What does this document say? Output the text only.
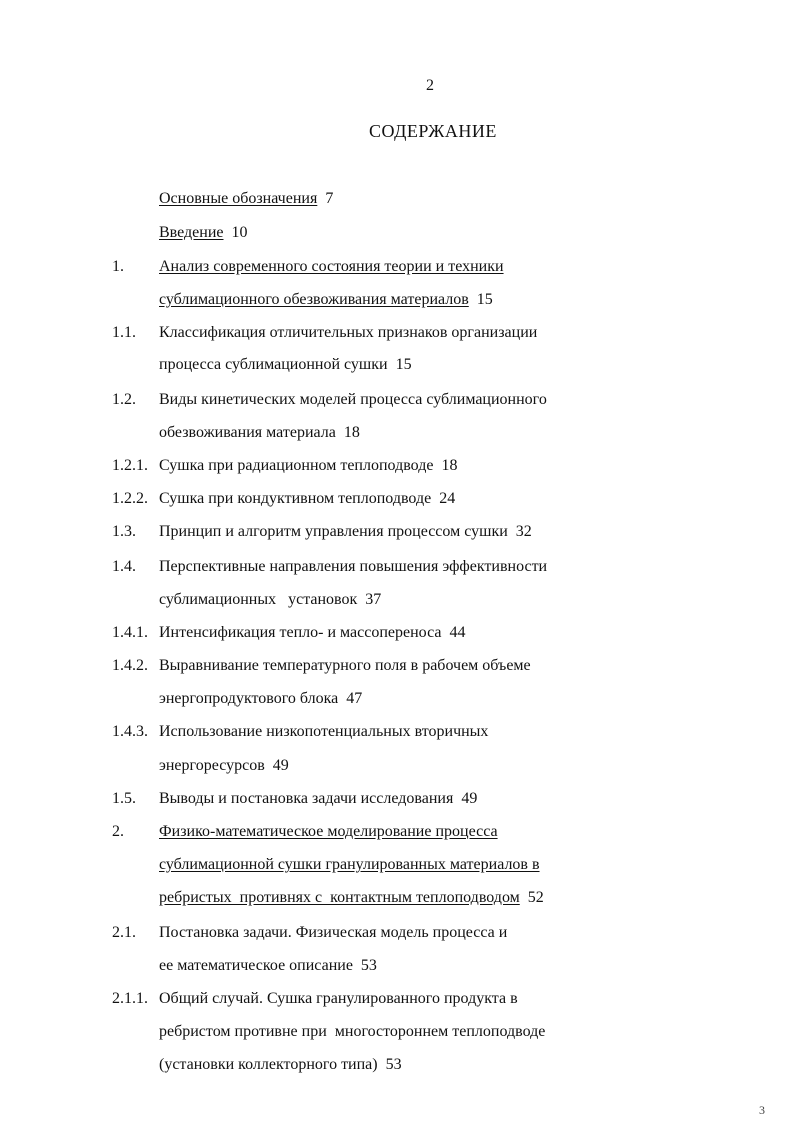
2
СОДЕРЖАНИЕ
Основные обозначения 7
Введение 10
1. Анализ современного состояния теории и техники
сублимационного обезвоживания материалов 15
1.1. Классификация отличительных признаков организации
процесса сублимационной сушки 15
1.2. Виды кинетических моделей процесса сублимационного
обезвоживания материала 18
1.2.1. Сушка при радиационном теплоподводе 18
1.2.2. Сушка при кондуктивном теплоподводе 24
1.3. Принцип и алгоритм управления процессом сушки 32
1.4. Перспективные направления повышения эффективности
сублимационных   установок 37
1.4.1. Интенсификация тепло- и массопереноса 44
1.4.2. Выравнивание температурного поля в рабочем объеме
энергопродуктового блока 47
1.4.3. Использование низкопотенциальных вторичных
энергоресурсов 49
1.5. Выводы и постановка задачи исследования 49
2. Физико-математическое моделирование процесса
сублимационной сушки гранулированных материалов в
ребристых  противнях с  контактным теплоподводом 52
2.1. Постановка задачи. Физическая модель процесса и
ее математическое описание 53
2.1.1. Общий случай. Сушка гранулированного продукта в
ребристом противне при  многостороннем теплоподводе
(установки коллекторного типа) 53
3
